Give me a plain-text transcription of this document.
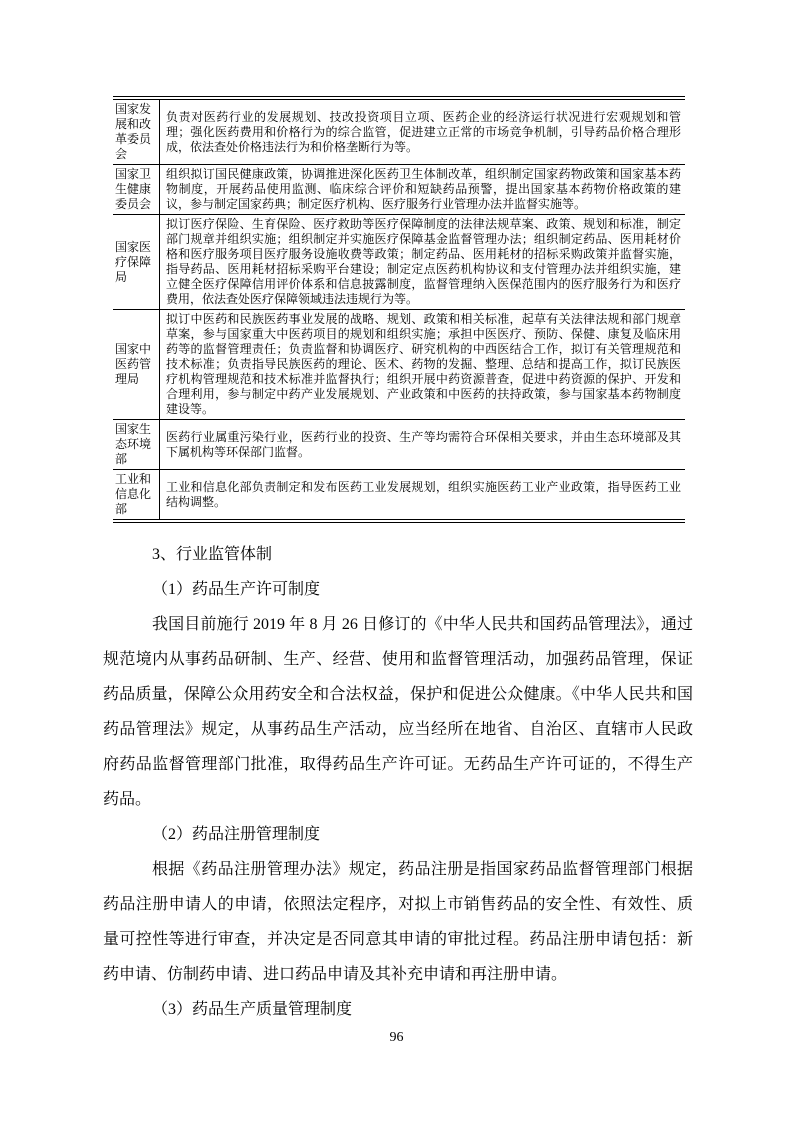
国家发展和改革委员会	负责对医药行业的发展规划、技改投资项目立项、医药企业的经济运行状况进行宏观规划和管理；强化医药费用和价格行为的综合监管，促进建立正常的市场竞争机制，引导药品价格合理形成，依法查处价格违法行为和价格垄断行为等。
国家卫生健康委员会	组织拟订国民健康政策，协调推进深化医药卫生体制改革，组织制定国家药物政策和国家基本药物制度，开展药品使用监测、临床综合评价和短缺药品预警，提出国家基本药物价格政策的建议，参与制定国家药典；制定医疗机构、医疗服务行业管理办法并监督实施等。
国家医疗保障局	拟订医疗保险、生育保险、医疗救助等医疗保障制度的法律法规草案、政策、规划和标准，制定部门规章并组织实施；组织制定并实施医疗保障基金监督管理办法；组织制定药品、医用耗材价格和医疗服务项目医疗服务设施收费等政策；制定药品、医用耗材的招标采购政策并监督实施，指导药品、医用耗材招标采购平台建设；制定定点医药机构协议和支付管理办法并组织实施，建立健全医疗保障信用评价体系和信息披露制度，监督管理纳入医保范围内的医疗服务行为和医疗费用，依法查处医疗保障领域违法违规行为等。
国家中医药管理局	拟订中医药和民族医药事业发展的战略、规划、政策和相关标准，起草有关法律法规和部门规章草案，参与国家重大中医药项目的规划和组织实施；承担中医医疗、预防、保健、康复及临床用药等的监督管理责任；负责监督和协调医疗、研究机构的中西医结合工作，拟订有关管理规范和技术标准；负责指导民族医药的理论、医术、药物的发掘、整理、总结和提高工作，拟订民族医疗机构管理规范和技术标准并监督执行；组织开展中药资源普查，促进中药资源的保护、开发和合理利用，参与制定中药产业发展规划、产业政策和中医药的扶持政策，参与国家基本药物制度建设等。
国家生态环境部	医药行业属重污染行业，医药行业的投资、生产等均需符合环保相关要求，并由生态环境部及其下属机构等环保部门监督。
工业和信息化部	工业和信息化部负责制定和发布医药工业发展规划，组织实施医药工业产业政策，指导医药工业结构调整。

3、行业监管体制

（1）药品生产许可制度

我国目前施行 2019 年 8 月 26 日修订的《中华人民共和国药品管理法》，通过规范境内从事药品研制、生产、经营、使用和监督管理活动，加强药品管理，保证药品质量，保障公众用药安全和合法权益，保护和促进公众健康。《中华人民共和国药品管理法》规定，从事药品生产活动，应当经所在地省、自治区、直辖市人民政府药品监督管理部门批准，取得药品生产许可证。无药品生产许可证的，不得生产药品。

（2）药品注册管理制度

根据《药品注册管理办法》规定，药品注册是指国家药品监督管理部门根据药品注册申请人的申请，依照法定程序，对拟上市销售药品的安全性、有效性、质量可控性等进行审查，并决定是否同意其申请的审批过程。药品注册申请包括：新药申请、仿制药申请、进口药品申请及其补充申请和再注册申请。

（3）药品生产质量管理制度

96
